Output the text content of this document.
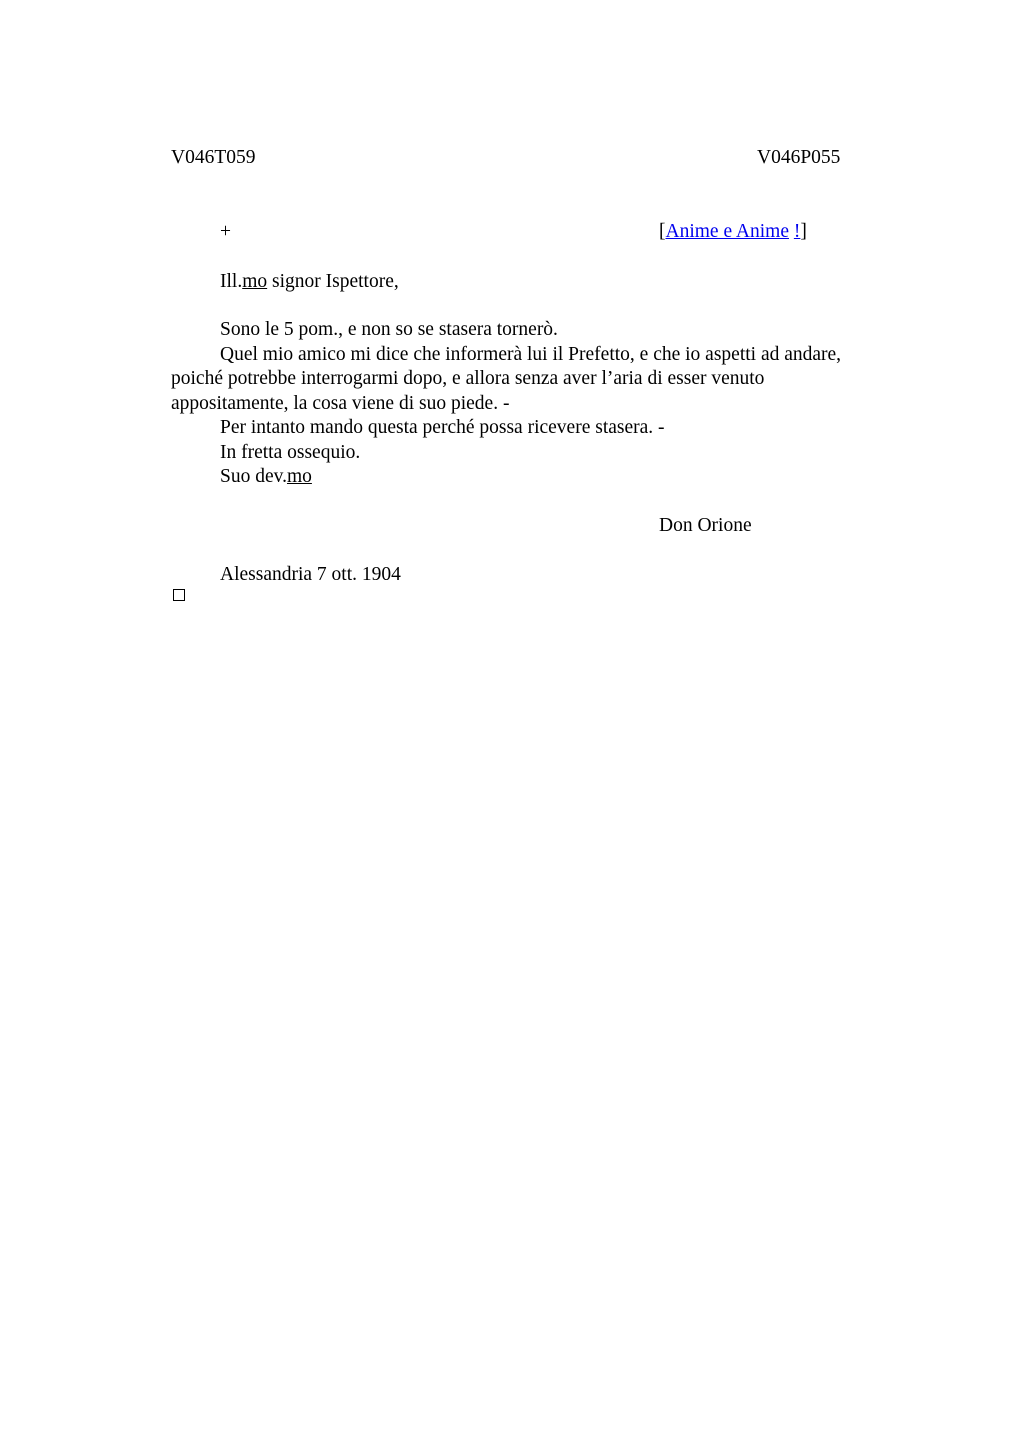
V046T059	V046P055
+	[Anime e Anime !]
Ill.mo signor Ispettore,
Sono le 5 pom., e non so se stasera tornerò.
Quel mio amico mi dice che informerà lui il Prefetto, e che io aspetti ad andare,
poiché potrebbe interrogarmi dopo, e allora senza aver l’aria di esser venuto
appositamente, la cosa viene di suo piede. -
Per intanto mando questa perché possa ricevere stasera. -
In fretta ossequio.
Suo dev.mo
Don Orione
Alessandria 7 ott. 1904
